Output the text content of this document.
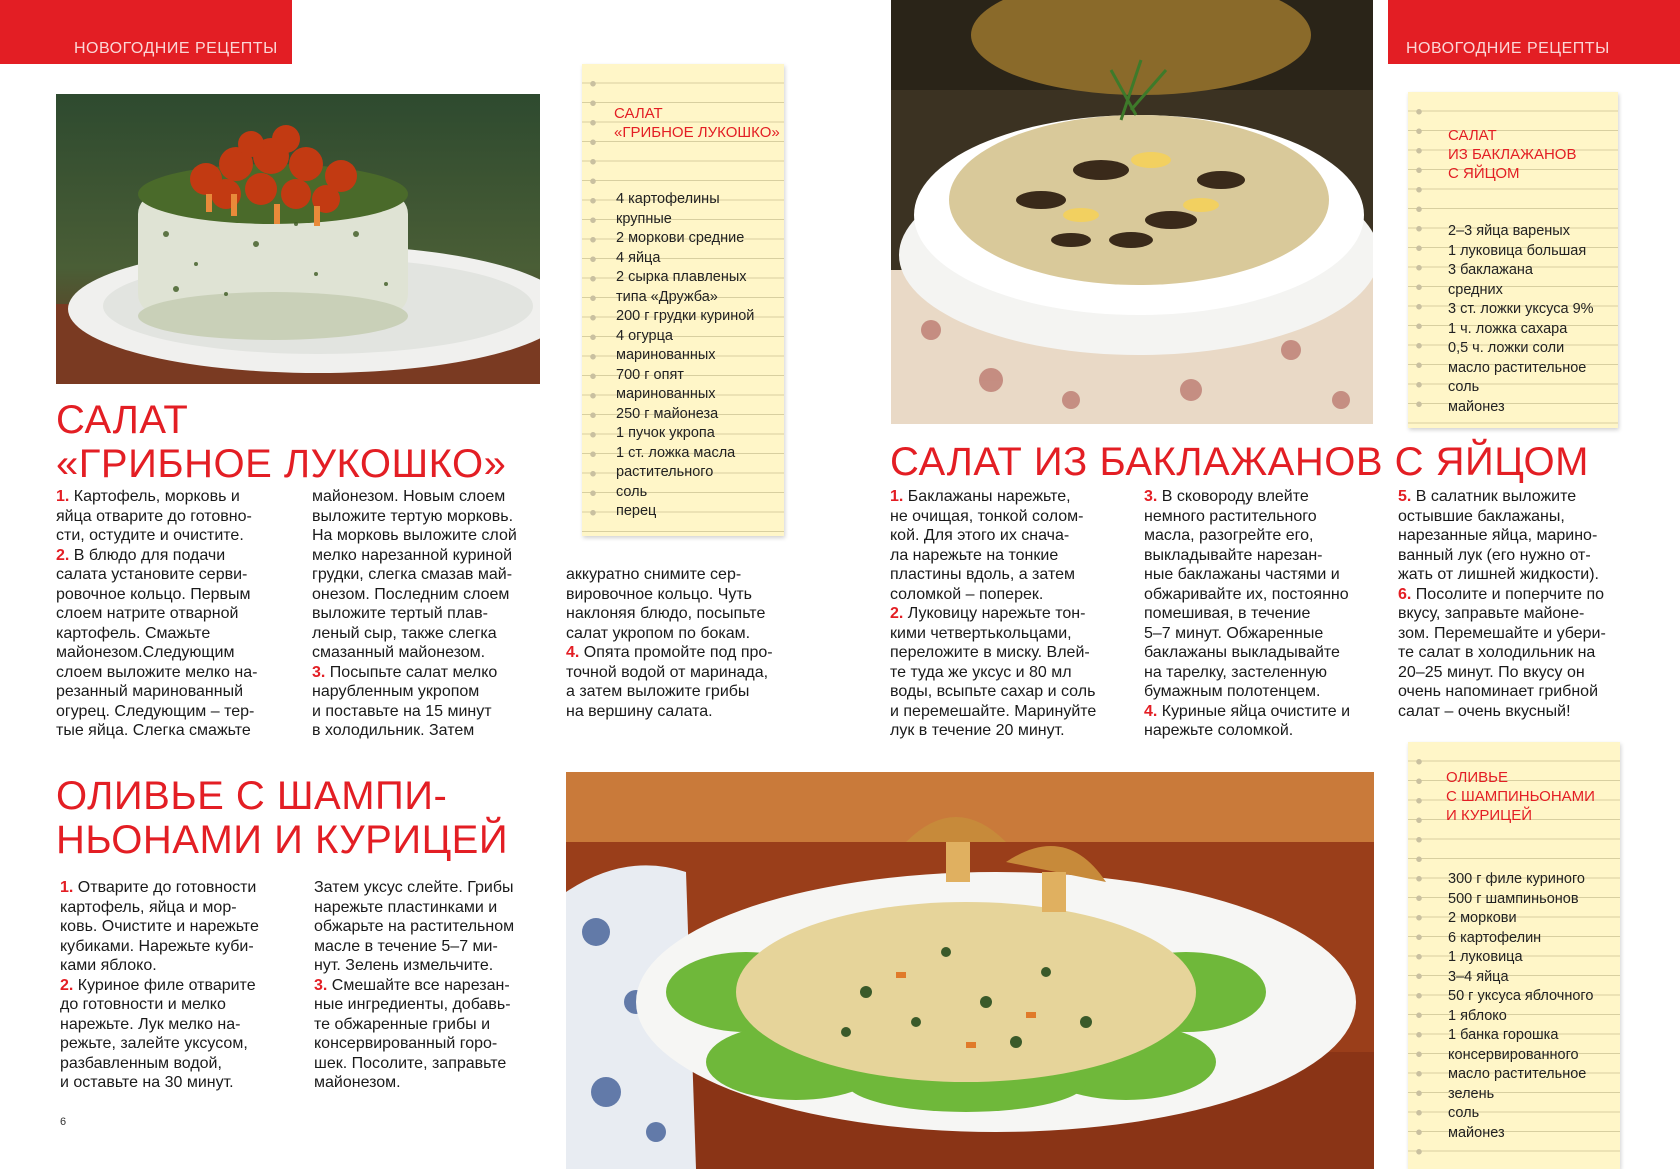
НОВОГОДНИЕ РЕЦЕПТЫ	НОВОГОДНИЕ РЕЦЕПТЫ
САЛАТ
«ГРИБНОЕ ЛУКОШКО»
САЛАТ
«ГРИБНОЕ ЛУКОШКО»
4 картофелины
крупные
2 моркови средние
4 яйца
2 сырка плавленых
типа «Дружба»
200 г грудки куриной
4 огурца
маринованных
700 г опят
маринованных
250 г майонеза
1 пучок укропа
1 ст. ложка масла
растительного
соль
перец

1. Картофель, морковь и

яйца отварите до готовно-

сти, остудите и очистите.

2. В блюдо для подачи

салата установите серви-

ровочное кольцо. Первым

слоем натрите отварной

картофель. Смажьте

майонезом.Следующим

слоем выложите мелко на-

резанный маринованный

огурец. Следующим – тер-

тые яйца. Слегка смажьте

майонезом. Новым слоем

выложите тертую морковь.

На морковь выложите слой

мелко нарезанной куриной

грудки, слегка смазав май-

онезом. Последним слоем

выложите тертый плав-

леный сыр, также слегка

смазанный майонезом.

3. Посыпьте салат мелко

нарубленным укропом

и поставьте на 15 минут

в холодильник. Затем

аккуратно снимите сер-

вировочное кольцо. Чуть

наклоняя блюдо, посыпьте

салат укропом по бокам.

4. Опята промойте под про-

точной водой от маринада,

а затем выложите грибы

на вершину салата.

САЛАТ
ИЗ БАКЛАЖАНОВ
С ЯЙЦОМ
2–3 яйца вареных
1 луковица большая
3 баклажана
средних
3 ст. ложки уксуса 9%
1 ч. ложка сахара
0,5 ч. ложки соли
масло растительное
соль
майонез
САЛАТ ИЗ БАКЛАЖАНОВ С ЯЙЦОМ

1. Баклажаны нарежьте,

не очищая, тонкой солом-

кой. Для этого их снача-

ла нарежьте на тонкие

пластины вдоль, а затем

соломкой – поперек.

2. Луковицу нарежьте тон-

кими четвертькольцами,

переложите в миску. Влей-

те туда же уксус и 80 мл

воды, всыпьте сахар и соль

и перемешайте. Маринуйте

лук в течение 20 минут.

3. В сковороду влейте

немного растительного

масла, разогрейте его,

выкладывайте нарезан-

ные баклажаны частями и

обжаривайте их, постоянно

помешивая, в течение

5–7 минут. Обжаренные

баклажаны выкладывайте

на тарелку, застеленную

бумажным полотенцем.

4. Куриные яйца очистите и

нарежьте соломкой.

5. В салатник выложите

остывшие баклажаны,

нарезанные яйца, марино-

ванный лук (его нужно от-

жать от лишней жидкости).

6. Посолите и поперчите по

вкусу, заправьте майоне-

зом. Перемешайте и убери-

те салат в холодильник на

20–25 минут. По вкусу он

очень напоминает грибной

салат – очень вкусный!

ОЛИВЬЕ С ШАМПИ-
НЬОНАМИ И КУРИЦЕЙ

1. Отварите до готовности

картофель, яйца и мор-

ковь. Очистите и нарежьте

кубиками. Нарежьте куби-

ками яблоко.

2. Куриное филе отварите

до готовности и мелко

нарежьте. Лук мелко на-

режьте, залейте уксусом,

разбавленным водой,

и оставьте на 30 минут.

Затем уксус слейте. Грибы

нарежьте пластинками и

обжарьте на растительном

масле в течение 5–7 ми-

нут. Зелень измельчите.

3. Смешайте все нарезан-

ные ингредиенты, добавь-

те обжаренные грибы и

консервированный горо-

шек. Посолите, заправьте

майонезом.

ОЛИВЬЕ
С ШАМПИНЬОНАМИ
И КУРИЦЕЙ
300 г филе куриного
500 г шампиньонов
2 моркови
6 картофелин
1 луковица
3–4 яйца
50 г уксуса яблочного
1 яблоко
1 банка горошка
консервированного
масло растительное
зелень
соль
майонез
6
